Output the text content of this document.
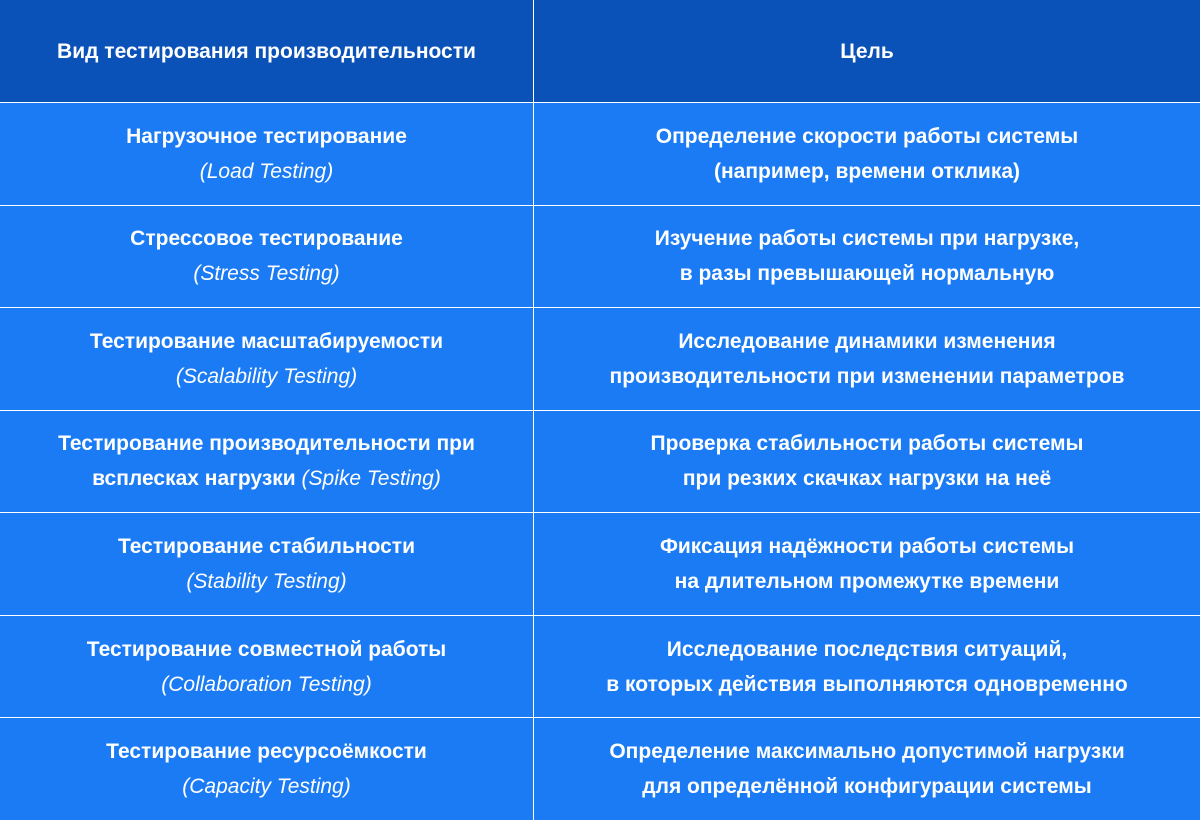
Вид тестирования производительности	Цель
Нагрузочное тестирование
(Load Testing)
Определение скорости работы системы
(например, времени отклика)
Стрессовое тестирование
(Stress Testing)
Изучение работы системы при нагрузке,
в разы превышающей нормальную
Тестирование масштабируемости
(Scalability Testing)
Исследование динамики изменения
производительности при изменении параметров
Тестирование производительности при
всплесках нагрузки (Spike Testing)
Проверка стабильности работы системы
при резких скачках нагрузки на неё
Тестирование стабильности
(Stability Testing)
Фиксация надёжности работы системы
на длительном промежутке времени
Тестирование совместной работы
(Collaboration Testing)
Исследование последствия ситуаций,
в которых действия выполняются одновременно
Тестирование ресурсоёмкости
(Capacity Testing)
Определение максимально допустимой нагрузки
для определённой конфигурации системы
